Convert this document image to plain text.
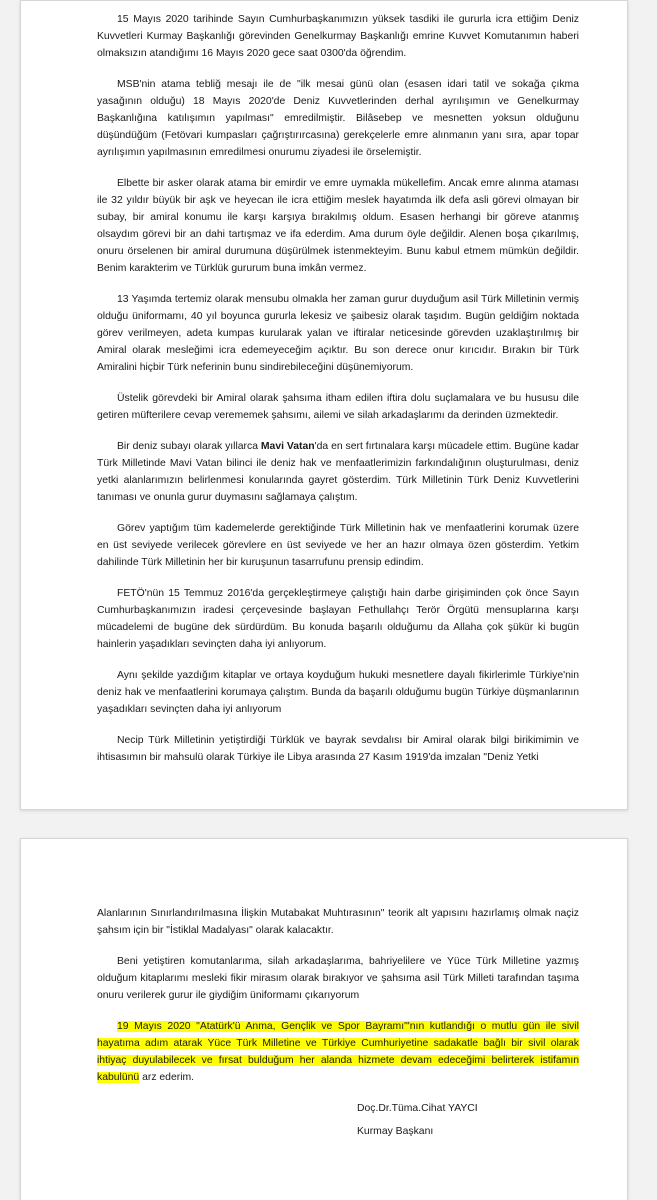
15 Mayıs 2020 tarihinde Sayın Cumhurbaşkanımızın yüksek tasdiki ile gururla icra ettiğim Deniz Kuvvetleri Kurmay Başkanlığı görevinden Genelkurmay Başkanlığı emrine Kuvvet Komutanımın haberi olmaksızın atandığımı 16 Mayıs 2020 gece saat 0300'da öğrendim.

MSB'nin atama tebliğ mesajı ile de "ilk mesai günü olan (esasen idari tatil ve sokağa çıkma yasağının olduğu) 18 Mayıs 2020'de Deniz Kuvvetlerinden derhal ayrılışımın ve Genelkurmay Başkanlığına katılışımın yapılması" emredilmiştir. Bilâsebep ve mesnetten yoksun olduğunu düşündüğüm (Fetövari kumpasları çağrıştırırcasına) gerekçelerle emre alınmanın yanı sıra, apar topar ayrılışımın yapılmasının emredilmesi onurumu ziyadesi ile örselemiştir.

Elbette bir asker olarak atama bir emirdir ve emre uymakla mükellefim. Ancak emre alınma ataması ile 32 yıldır büyük bir aşk ve heyecan ile icra ettiğim meslek hayatımda ilk defa asli görevi olmayan bir subay, bir amiral konumu ile karşı karşıya bırakılmış oldum. Esasen herhangi bir göreve atanmış olsaydım görevi bir an dahi tartışmaz ve ifa ederdim. Ama durum öyle değildir. Alenen boşa çıkarılmış, onuru örselenen bir amiral durumuna düşürülmek istenmekteyim. Bunu kabul etmem mümkün değildir. Benim karakterim ve Türklük gururum buna imkân vermez.

13 Yaşımda tertemiz olarak mensubu olmakla her zaman gurur duyduğum asil Türk Milletinin vermiş olduğu üniformamı, 40 yıl boyunca gururla lekesiz ve şaibesiz olarak taşıdım. Bugün geldiğim noktada görev verilmeyen, adeta kumpas kurularak yalan ve iftiralar neticesinde görevden uzaklaştırılmış bir Amiral olarak mesleğimi icra edemeyeceğim açıktır. Bu son derece onur kırıcıdır. Bırakın bir Türk Amiralini hiçbir Türk neferinin bunu sindirebileceğini düşünemiyorum.

Üstelik görevdeki bir Amiral olarak şahsıma itham edilen iftira dolu suçlamalara ve bu hususu dile getiren müfterilere cevap verememek şahsımı, ailemi ve silah arkadaşlarımı da derinden üzmektedir.

Bir deniz subayı olarak yıllarca Mavi Vatan'da en sert fırtınalara karşı mücadele ettim. Bugüne kadar Türk Milletinde Mavi Vatan bilinci ile deniz hak ve menfaatlerimizin farkındalığının oluşturulması, deniz yetki alanlarımızın belirlenmesi konularında gayret gösterdim. Türk Milletinin Türk Deniz Kuvvetlerini tanıması ve onunla gurur duymasını sağlamaya çalıştım.

Görev yaptığım tüm kademelerde gerektiğinde Türk Milletinin hak ve menfaatlerini korumak üzere en üst seviyede verilecek görevlere en üst seviyede ve her an hazır olmaya özen gösterdim. Yetkim dahilinde Türk Milletinin her bir kuruşunun tasarrufunu prensip edindim.

FETÖ'nün 15 Temmuz 2016'da gerçekleştirmeye çalıştığı hain darbe girişiminden çok önce Sayın Cumhurbaşkanımızın iradesi çerçevesinde başlayan Fethullahçı Terör Örgütü mensuplarına karşı mücadelemi de bugüne dek sürdürdüm. Bu konuda başarılı olduğumu da Allaha çok şükür ki bugün hainlerin yaşadıkları sevinçten daha iyi anlıyorum.

Aynı şekilde yazdığım kitaplar ve ortaya koyduğum hukuki mesnetlere dayalı fikirlerimle Türkiye'nin deniz hak ve menfaatlerini korumaya çalıştım. Bunda da başarılı olduğumu bugün Türkiye düşmanlarının yaşadıkları sevinçten daha iyi anlıyorum

Necip Türk Milletinin yetiştirdiği Türklük ve bayrak sevdalısı bir Amiral olarak bilgi birikimimin ve ihtisasımın bir mahsulü olarak Türkiye ile Libya arasında 27 Kasım 1919'da imzalan "Deniz Yetki

Alanlarının Sınırlandırılmasına İlişkin Mutabakat Muhtırasının" teorik alt yapısını hazırlamış olmak naçiz şahsım için bir "İstiklal Madalyası" olarak kalacaktır.

Beni yetiştiren komutanlarıma, silah arkadaşlarıma, bahriyelilere ve Yüce Türk Milletine yazmış olduğum kitaplarımı mesleki fikir mirasım olarak bırakıyor ve şahsıma asil Türk Milleti tarafından taşıma onuru verilerek gurur ile giydiğim üniformamı çıkarıyorum

19 Mayıs 2020 "Atatürk'ü Anma, Gençlik ve Spor Bayramı"'nın kutlandığı o mutlu gün ile sivil hayatıma adım atarak Yüce Türk Milletine ve Türkiye Cumhuriyetine sadakatle bağlı bir sivil olarak ihtiyaç duyulabilecek ve fırsat bulduğum her alanda hizmete devam edeceğimi belirterek istifamın kabulünü arz ederim.

Doç.Dr.Tüma.Cihat YAYCI

Kurmay Başkanı
